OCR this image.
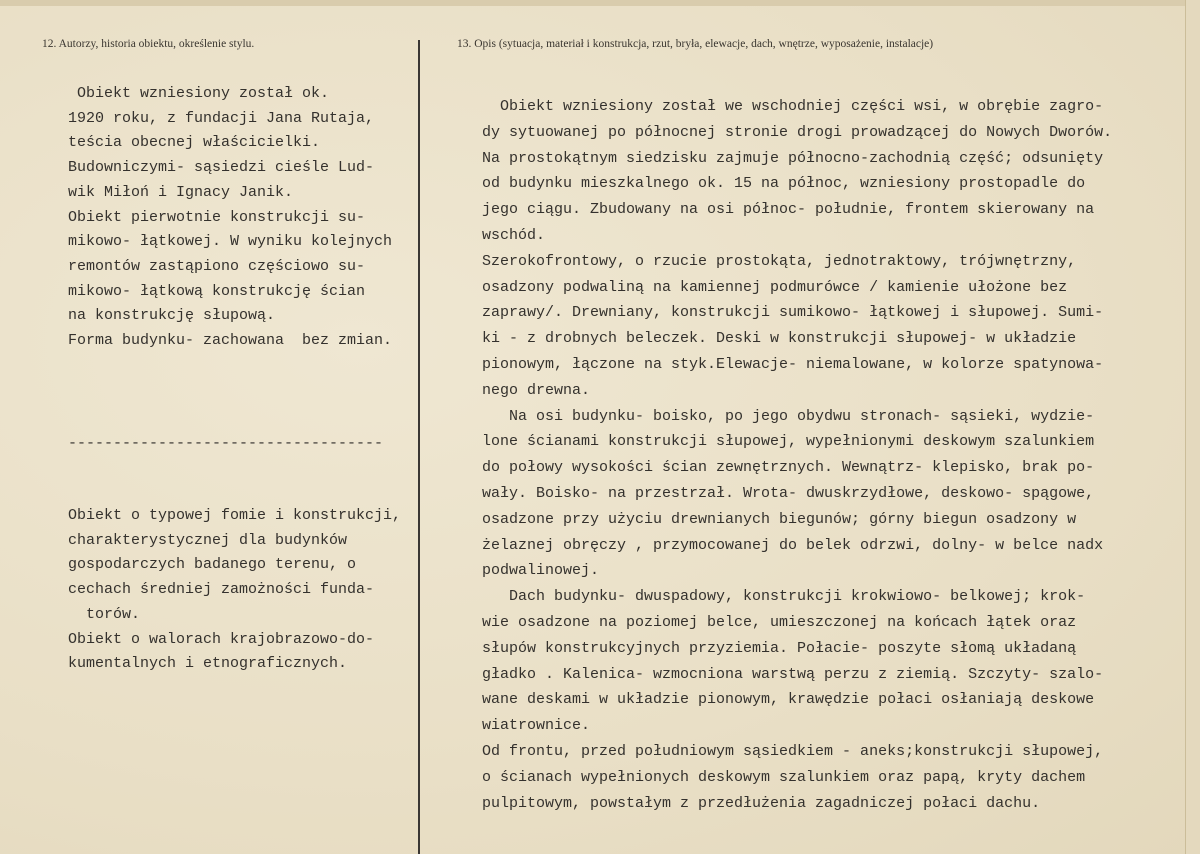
12. Autorzy, historia obiektu, określenie stylu.	13. Opis (sytuacja, materiał i konstrukcja, rzut, bryła, elewacje, dach, wnętrze, wyposażenie, instalacje)
Obiekt wzniesiony został ok.
1920 roku, z fundacji Jana Rutaja,
teścia obecnej właścicielki.
Budowniczymi- sąsiedzi cieśle Lud-
wik Miłoń i Ignacy Janik.
Obiekt pierwotnie konstrukcji su-
mikowo- łątkowej. W wyniku kolejnych
remontów zastąpiono częściowo su-
mikowo- łątkową konstrukcję ścian
na konstrukcję słupową.
Forma budynku- zachowana  bez zmian.
-----------------------------------
Obiekt o typowej fomie i konstrukcji,
charakterystycznej dla budynków
gospodarczych badanego terenu, o
cechach średniej zamożności funda-
torów.
Obiekt o walorach krajobrazowo-do-
kumentalnych i etnograficznych.
Obiekt wzniesiony został we wschodniej części wsi, w obrębie zagro-
dy sytuowanej po północnej stronie drogi prowadzącej do Nowych Dworów.
Na prostokątnym siedzisku zajmuje północno-zachodnią część; odsunięty
od budynku mieszkalnego ok. 15 na północ, wzniesiony prostopadle do
jego ciągu. Zbudowany na osi północ- południe, frontem skierowany na
wschód.
Szerokofrontowy, o rzucie prostokąta, jednotraktowy, trójwnętrzny,
osadzony podwaliną na kamiennej podmurówce / kamienie ułożone bez
zaprawy/. Drewniany, konstrukcji sumikowo- łątkowej i słupowej. Sumi-
ki - z drobnych beleczek. Deski w konstrukcji słupowej- w układzie
pionowym, łączone na styk.Elewacje- niemalowane, w kolorze spatynowa-
nego drewna.
Na osi budynku- boisko, po jego obydwu stronach- sąsieki, wydzie-
lone ścianami konstrukcji słupowej, wypełnionymi deskowym szalunkiem
do połowy wysokości ścian zewnętrznych. Wewnątrz- klepisko, brak po-
wały. Boisko- na przestrzał. Wrota- dwuskrzydłowe, deskowo- spągowe,
osadzone przy użyciu drewnianych biegunów; górny biegun osadzony w
żelaznej obręczy , przymocowanej do belek odrzwi, dolny- w belce nadx
podwalinowej.
Dach budynku- dwuspadowy, konstrukcji krokwiowo- belkowej; krok-
wie osadzone na poziomej belce, umieszczonej na końcach łątek oraz
słupów konstrukcyjnych przyziemia. Połacie- poszyte słomą układaną
gładko . Kalenica- wzmocniona warstwą perzu z ziemią. Szczyty- szalo-
wane deskami w układzie pionowym, krawędzie połaci osłaniają deskowe
wiatrownice.
Od frontu, przed południowym sąsiedkiem - aneks;konstrukcji słupowej,
o ścianach wypełnionych deskowym szalunkiem oraz papą, kryty dachem
pulpitowym, powstałym z przedłużenia zagadniczej połaci dachu.
